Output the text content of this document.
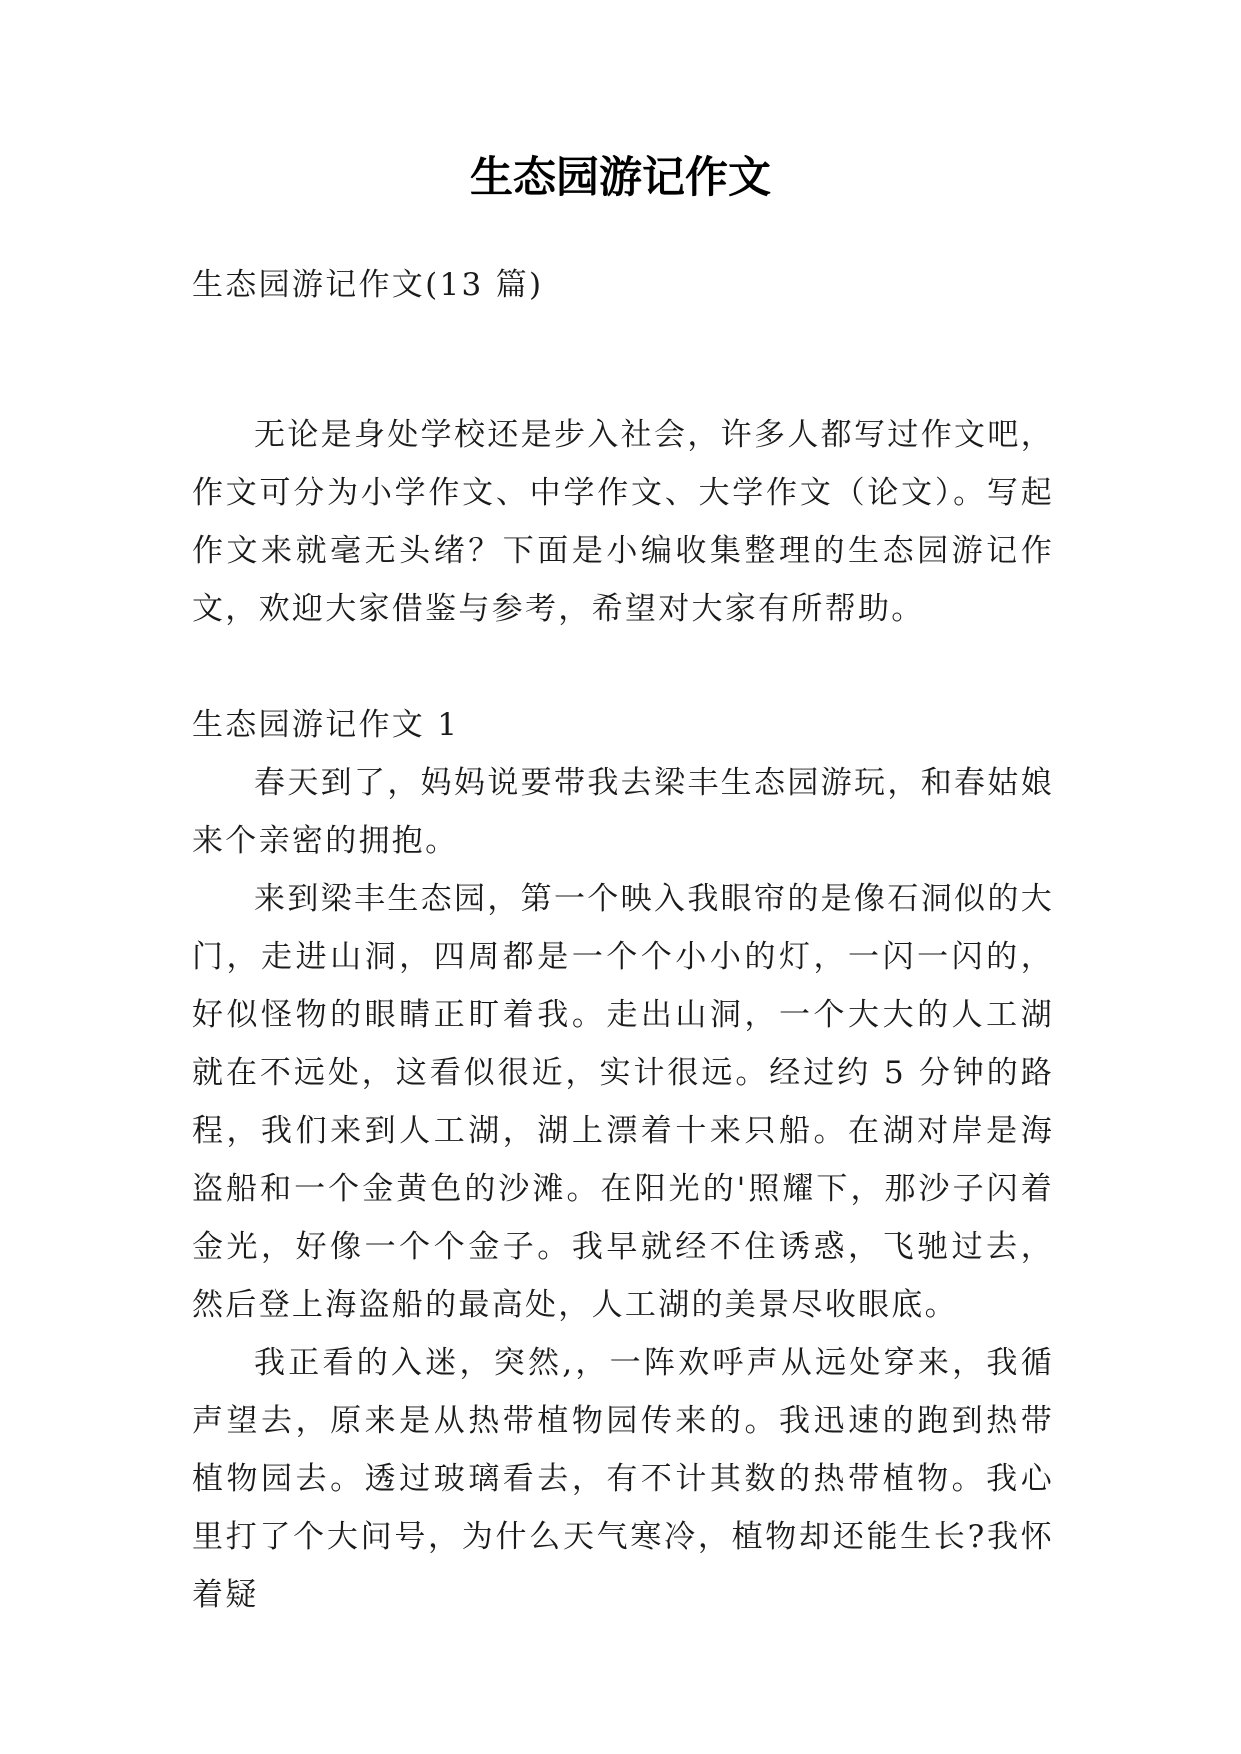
生态园游记作文
生态园游记作文(13 篇)

无论是身处学校还是步入社会，许多人都写过作文吧，作文可分为小学作文、中学作文、大学作文（论文）。写起作文来就毫无头绪？下面是小编收集整理的生态园游记作文，欢迎大家借鉴与参考，希望对大家有所帮助。

生态园游记作文 1

春天到了，妈妈说要带我去梁丰生态园游玩，和春姑娘来个亲密的拥抱。

来到梁丰生态园，第一个映入我眼帘的是像石洞似的大门，走进山洞，四周都是一个个小小的灯，一闪一闪的，好似怪物的眼睛正盯着我。走出山洞，一个大大的人工湖就在不远处，这看似很近，实计很远。经过约 5 分钟的路程，我们来到人工湖，湖上漂着十来只船。在湖对岸是海盗船和一个金黄色的沙滩。在阳光的'照耀下，那沙子闪着金光，好像一个个金子。我早就经不住诱惑，飞驰过去，然后登上海盗船的最高处，人工湖的美景尽收眼底。

我正看的入迷，突然,，一阵欢呼声从远处穿来，我循声望去，原来是从热带植物园传来的。我迅速的跑到热带植物园去。透过玻璃看去，有不计其数的热带植物。我心里打了个大问号，为什么天气寒冷，植物却还能生长?我怀着疑
